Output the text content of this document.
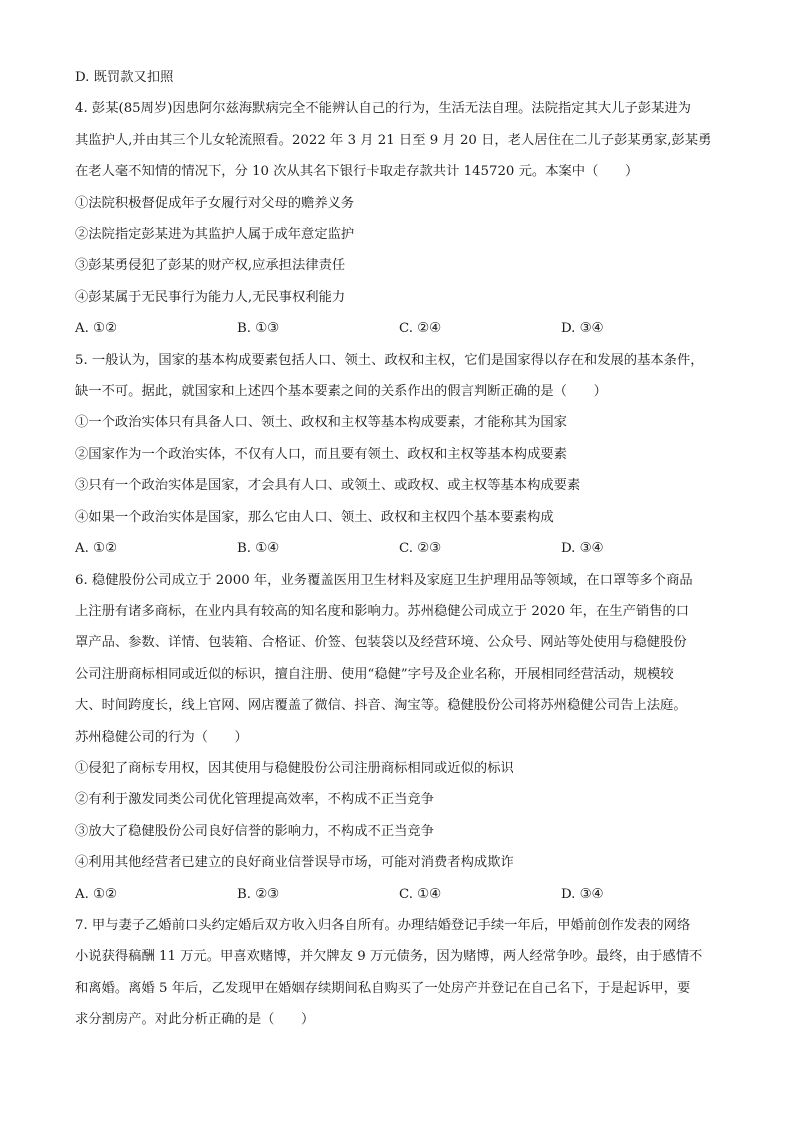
D. 既罚款又扣照
4. 彭某(85周岁)因患阿尔兹海默病完全不能辨认自己的行为，生活无法自理。法院指定其大儿子彭某进为
其监护人,并由其三个儿女轮流照看。2022 年 3 月 21 日至 9 月 20 日，老人居住在二儿子彭某勇家,彭某勇
在老人毫不知情的情况下，分 10 次从其名下银行卡取走存款共计 145720 元。本案中（　　）
①法院积极督促成年子女履行对父母的赡养义务
②法院指定彭某进为其监护人属于成年意定监护
③彭某勇侵犯了彭某的财产权,应承担法律责任
④彭某属于无民事行为能力人,无民事权利能力
A. ①②	B. ①③	C. ②④	D. ③④
5. 一般认为，国家的基本构成要素包括人口、领土、政权和主权，它们是国家得以存在和发展的基本条件，
缺一不可。据此，就国家和上述四个基本要素之间的关系作出的假言判断正确的是（　　）
①一个政治实体只有具备人口、领土、政权和主权等基本构成要素，才能称其为国家
②国家作为一个政治实体，不仅有人口，而且要有领土、政权和主权等基本构成要素
③只有一个政治实体是国家，才会具有人口、或领土、或政权、或主权等基本构成要素
④如果一个政治实体是国家，那么它由人口、领土、政权和主权四个基本要素构成
A. ①②	B. ①④	C. ②③	D. ③④
6. 稳健股份公司成立于 2000 年，业务覆盖医用卫生材料及家庭卫生护理用品等领域，在口罩等多个商品
上注册有诸多商标，在业内具有较高的知名度和影响力。苏州稳健公司成立于 2020 年，在生产销售的口
罩产品、参数、详情、包装箱、合格证、价签、包装袋以及经营环境、公众号、网站等处使用与稳健股份
公司注册商标相同或近似的标识，擅自注册、使用“稳健”字号及企业名称，开展相同经营活动，规模较
大、时间跨度长，线上官网、网店覆盖了微信、抖音、淘宝等。稳健股份公司将苏州稳健公司告上法庭。
苏州稳健公司的行为（　　）
①侵犯了商标专用权，因其使用与稳健股份公司注册商标相同或近似的标识
②有利于激发同类公司优化管理提高效率，不构成不正当竞争
③放大了稳健股份公司良好信誉的影响力，不构成不正当竞争
④利用其他经营者已建立的良好商业信誉误导市场，可能对消费者构成欺诈
A. ①②	B. ②③	C. ①④	D. ③④
7. 甲与妻子乙婚前口头约定婚后双方收入归各自所有。办理结婚登记手续一年后，甲婚前创作发表的网络
小说获得稿酬 11 万元。甲喜欢赌博，并欠牌友 9 万元债务，因为赌博，两人经常争吵。最终，由于感情不
和离婚。离婚 5 年后，乙发现甲在婚姻存续期间私自购买了一处房产并登记在自己名下，于是起诉甲，要
求分割房产。对此分析正确的是（　　）
